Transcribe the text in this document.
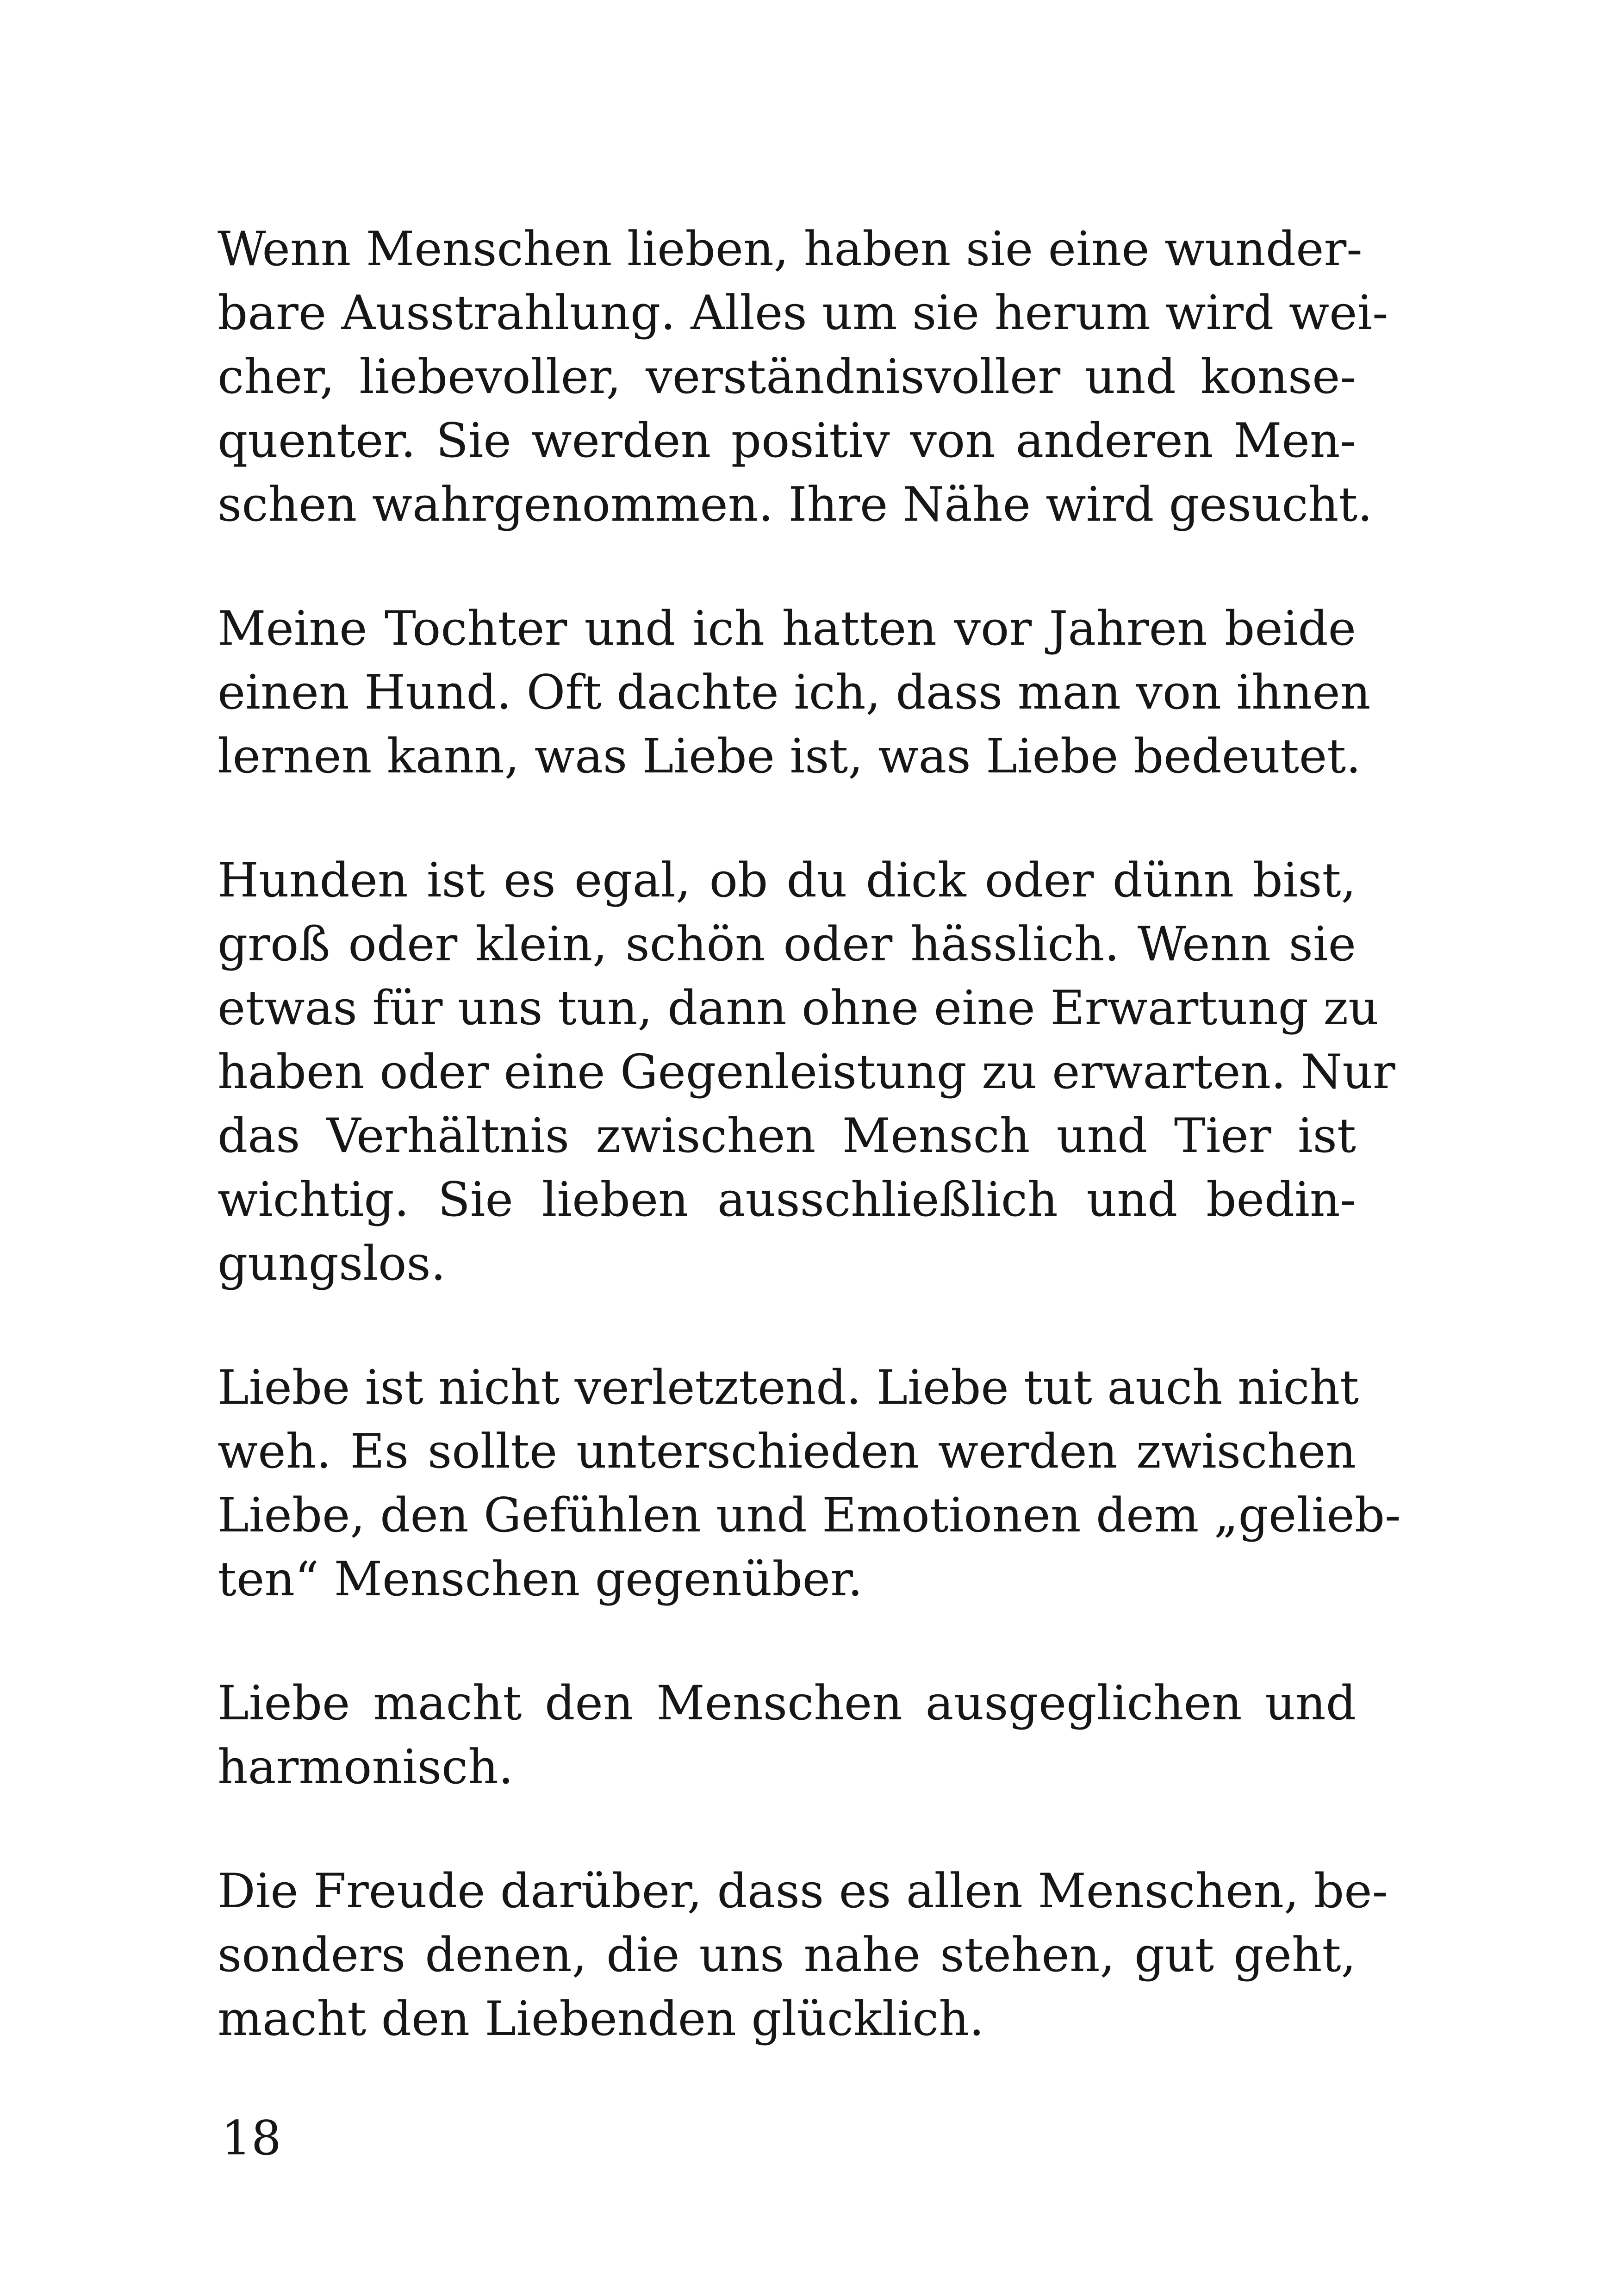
Wenn Menschen lieben, haben sie eine wunder-
bare Ausstrahlung. Alles um sie herum wird wei-
cher, liebevoller, verständnisvoller und konse-
quenter. Sie werden positiv von anderen Men-
schen wahrgenommen. Ihre Nähe wird gesucht.

Meine Tochter und ich hatten vor Jahren beide
einen Hund. Oft dachte ich, dass man von ihnen
lernen kann, was Liebe ist, was Liebe bedeutet.

Hunden ist es egal, ob du dick oder dünn bist,
groß oder klein, schön oder hässlich. Wenn sie
etwas für uns tun, dann ohne eine Erwartung zu
haben oder eine Gegenleistung zu erwarten. Nur
das Verhältnis zwischen Mensch und Tier ist
wichtig. Sie lieben ausschließlich und bedin-
gungslos.

Liebe ist nicht verletztend. Liebe tut auch nicht
weh. Es sollte unterschieden werden zwischen
Liebe, den Gefühlen und Emotionen dem „gelieb-
ten“ Menschen gegenüber.

Liebe macht den Menschen ausgeglichen und
harmonisch.

Die Freude darüber, dass es allen Menschen, be-
sonders denen, die uns nahe stehen, gut geht,
macht den Liebenden glücklich.

18
